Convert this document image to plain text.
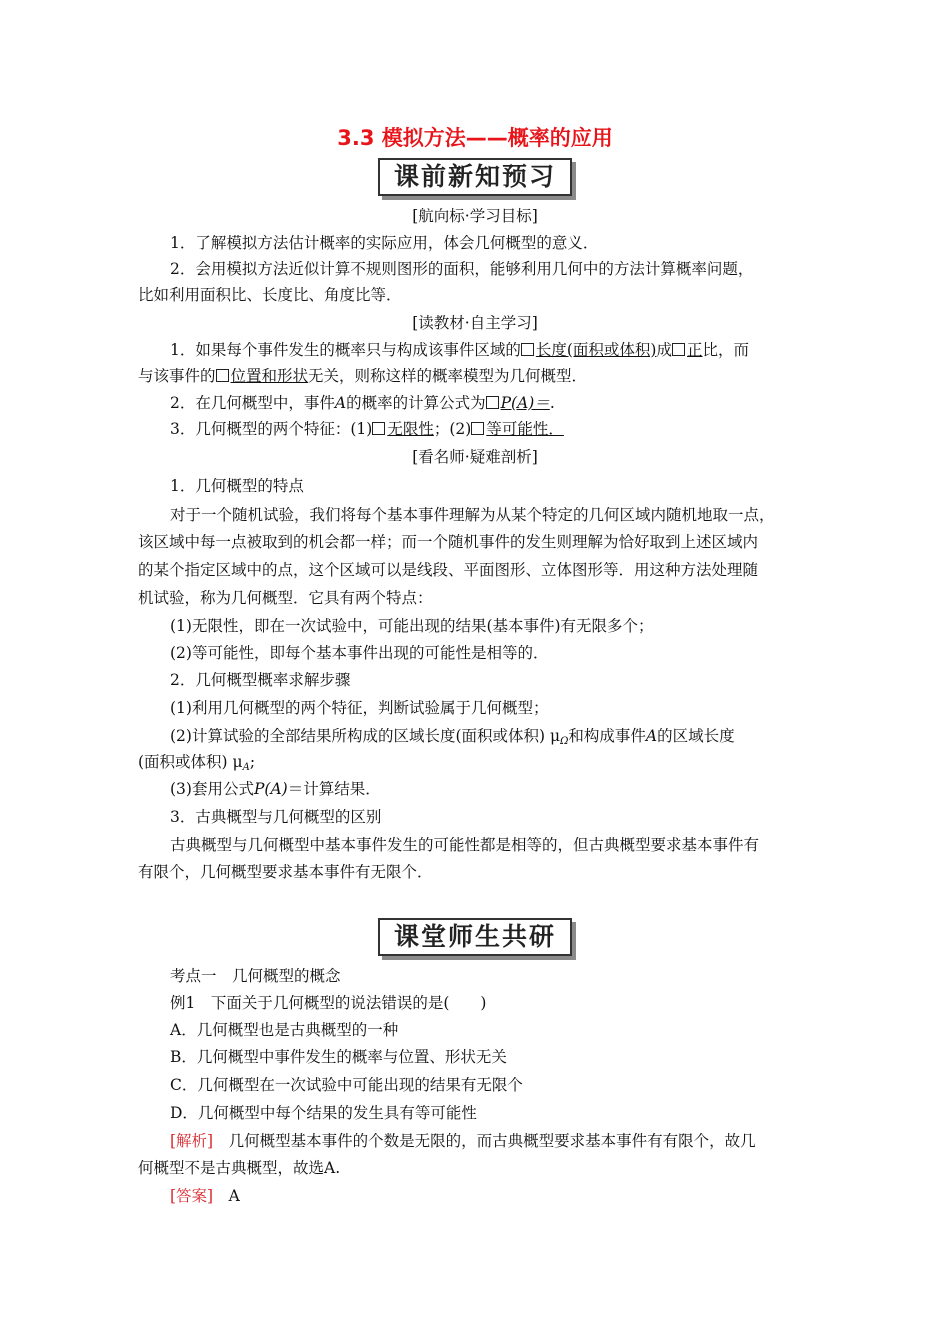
3.3 模拟方法——概率的应用
课前新知预习
[航向标·学习目标]
1．了解模拟方法估计概率的实际应用，体会几何概型的意义．
2．会用模拟方法近似计算不规则图形的面积，能够利用几何中的方法计算概率问题，
比如利用面积比、长度比、角度比等．
[读教材·自主学习]
1．如果每个事件发生的概率只与构成该事件区域的 长度(面积或体积)成 正比，而
与该事件的 位置和形状无关，则称这样的概率模型为几何概型．
2．在几何概型中，事件A的概率的计算公式为 P(A)＝.
3．几何概型的两个特征：(1) 无限性；(2) 等可能性．
[看名师·疑难剖析]
1．几何概型的特点
对于一个随机试验，我们将每个基本事件理解为从某个特定的几何区域内随机地取一点，
该区域中每一点被取到的机会都一样；而一个随机事件的发生则理解为恰好取到上述区域内
的某个指定区域中的点，这个区域可以是线段、平面图形、立体图形等．用这种方法处理随
机试验，称为几何概型．它具有两个特点：
(1)无限性，即在一次试验中，可能出现的结果(基本事件)有无限多个；
(2)等可能性，即每个基本事件出现的可能性是相等的．
2．几何概型概率求解步骤
(1)利用几何概型的两个特征，判断试验属于几何概型；
(2)计算试验的全部结果所构成的区域长度(面积或体积) $\mu_\Omega$和构成事件A的区域长度
(面积或体积) $\mu_A$;
(3)套用公式P(A)＝计算结果．
3．古典概型与几何概型的区别
古典概型与几何概型中基本事件发生的可能性都是相等的，但古典概型要求基本事件有
有限个，几何概型要求基本事件有无限个．
课堂师生共研
考点一　几何概型的概念
例1　下面关于几何概型的说法错误的是(　　)
A．几何概型也是古典概型的一种
B．几何概型中事件发生的概率与位置、形状无关
C．几何概型在一次试验中可能出现的结果有无限个
D．几何概型中每个结果的发生具有等可能性
[解析]　几何概型基本事件的个数是无限的，而古典概型要求基本事件有有限个，故几
何概型不是古典概型，故选A.
[答案]　A
